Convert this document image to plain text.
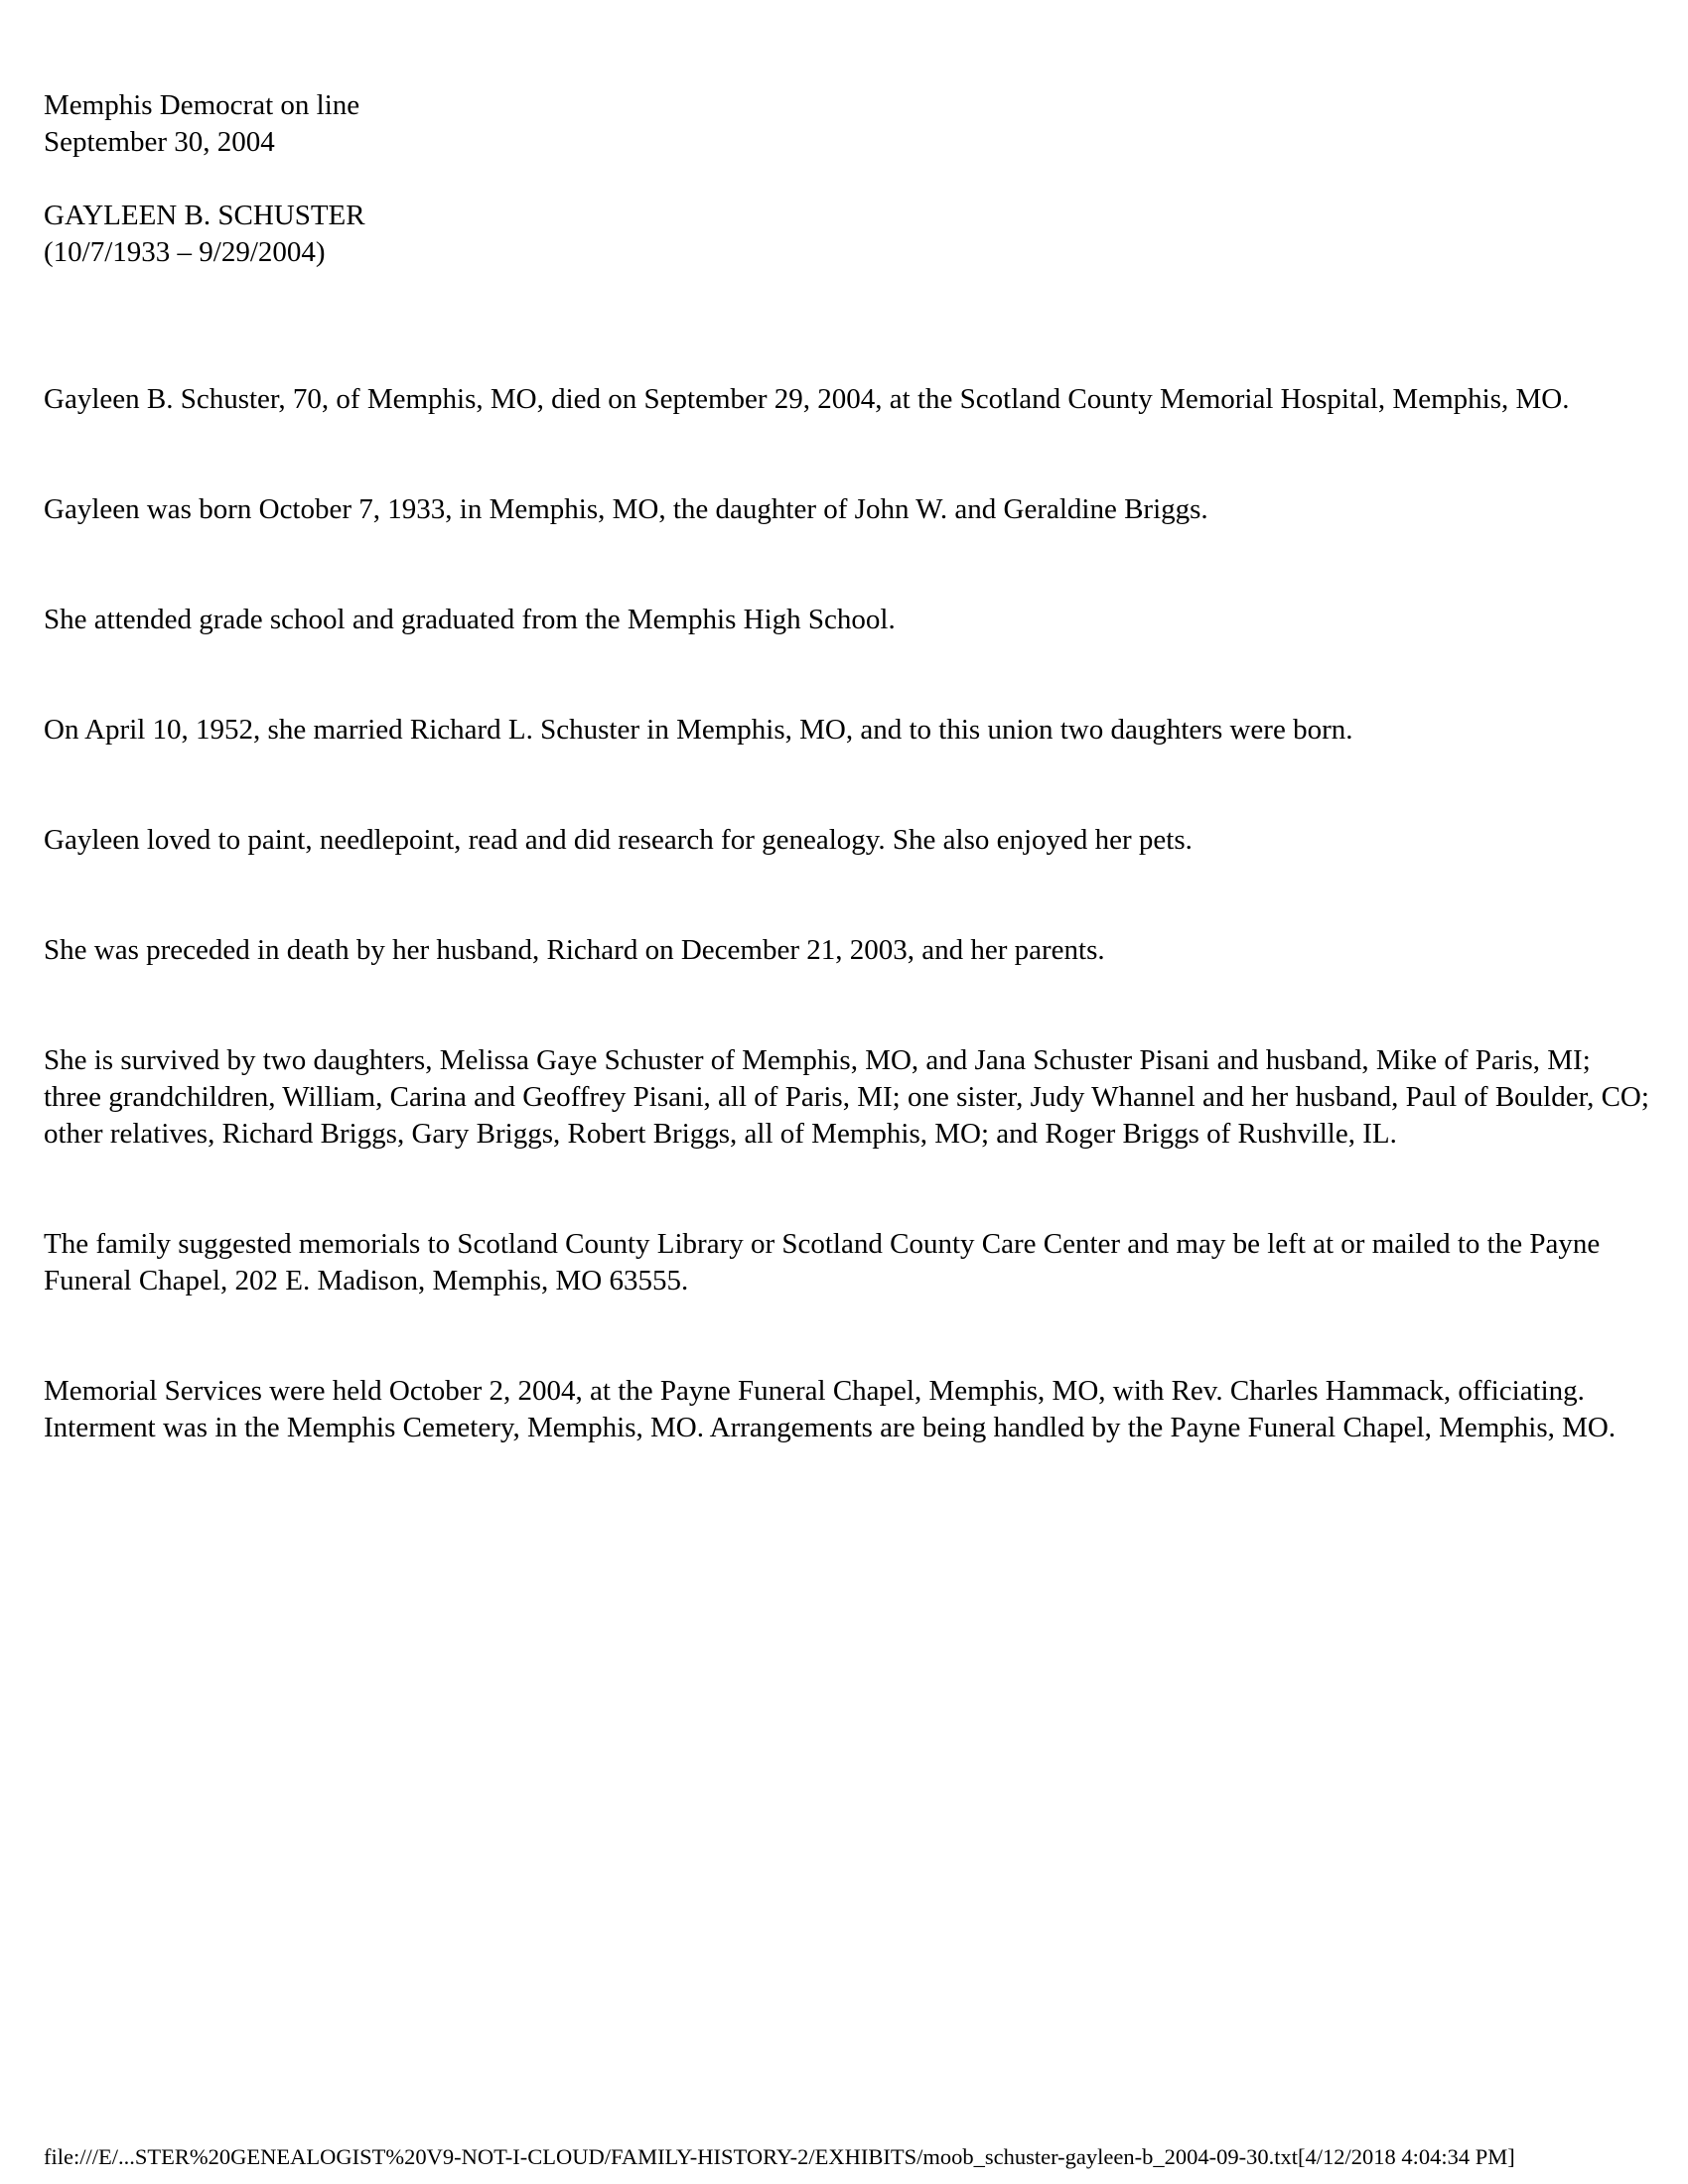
Memphis Democrat on line
September 30, 2004
GAYLEEN B. SCHUSTER
(10/7/1933 – 9/29/2004)

Gayleen B. Schuster, 70, of Memphis, MO, died on September 29, 2004, at the Scotland County Memorial Hospital, Memphis, MO.

Gayleen was born October 7, 1933, in Memphis, MO, the daughter of John W. and Geraldine Briggs.

She attended grade school and graduated from the Memphis High School.

On April 10, 1952, she married Richard L. Schuster in Memphis, MO, and to this union two daughters were born.

Gayleen loved to paint, needlepoint, read and did research for genealogy. She also enjoyed her pets.

She was preceded in death by her husband, Richard on December 21, 2003, and her parents.

She is survived by two daughters, Melissa Gaye Schuster of Memphis, MO, and Jana Schuster Pisani and husband, Mike of Paris, MI; three grandchildren, William, Carina and Geoffrey Pisani, all of Paris, MI; one sister, Judy Whannel and her husband, Paul of Boulder, CO; other relatives, Richard Briggs, Gary Briggs, Robert Briggs, all of Memphis, MO; and Roger Briggs of Rushville, IL.

The family suggested memorials to Scotland County Library or Scotland County Care Center and may be left at or mailed to the Payne Funeral Chapel, 202 E. Madison, Memphis, MO 63555.

Memorial Services were held October 2, 2004, at the Payne Funeral Chapel, Memphis, MO, with Rev. Charles Hammack, officiating. Interment was in the Memphis Cemetery, Memphis, MO. Arrangements are being handled by the Payne Funeral Chapel, Memphis, MO.

file:///E/...STER%20GENEALOGIST%20V9-NOT-I-CLOUD/FAMILY-HISTORY-2/EXHIBITS/moob_schuster-gayleen-b_2004-09-30.txt[4/12/2018 4:04:34 PM]
